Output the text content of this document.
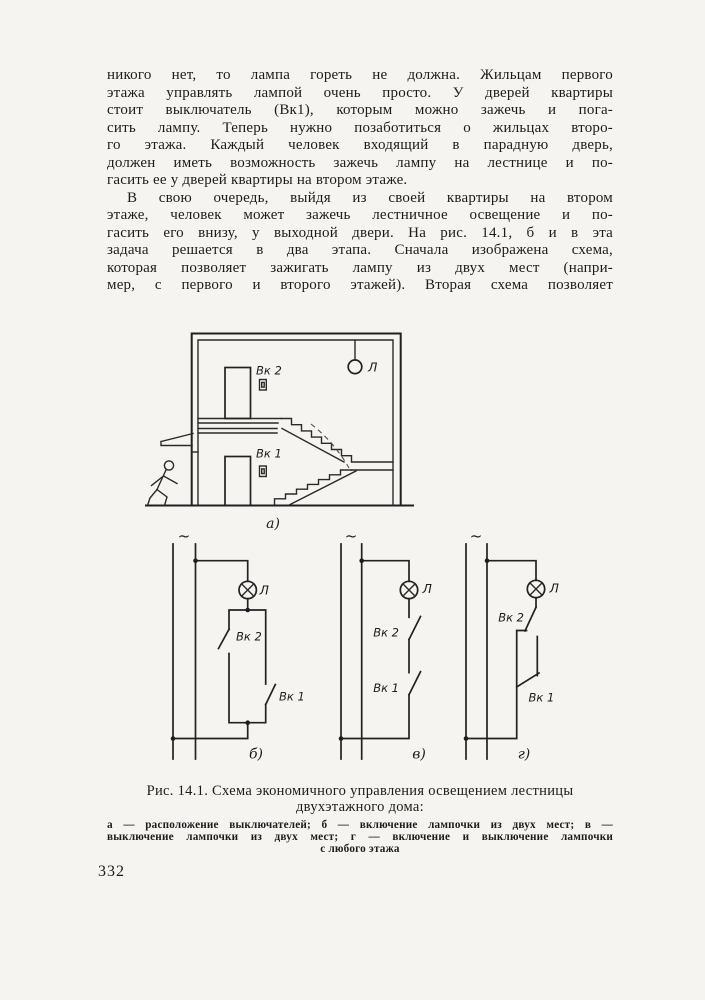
никого нет, то лампа гореть не должна. Жильцам первого
этажа управлять лампой очень просто. У дверей квартиры
стоит выключатель (Вк1), которым можно зажечь и пога-
сить лампу. Теперь нужно позаботиться о жильцах второ-
го этажа. Каждый человек входящий в парадную дверь,
должен иметь возможность зажечь лампу на лестнице и по-
гасить ее у дверей квартиры на втором этаже.
В свою очередь, выйдя из своей квартиры на втором
этаже, человек может зажечь лестничное освещение и по-
гасить его внизу, у выходной двери. На рис. 14.1, б и в эта
задача решается в два этапа. Сначала изображена схема,
которая позволяет зажигать лампу из двух мест (напри-
мер, с первого и второго этажей). Вторая схема позволяет
Вк 2
Вк 1
Л
а)
~
Л
Вк 2
Вк 1
б)
~
Л
Вк 2
Вк 1
в)
~
Л
Вк 2
Вк 1
г)
Рис. 14.1. Схема экономичного управления освещением лестницы
двухэтажного дома:
а — расположение выключателей; б — включение лампочки из двух мест; в —
выключение лампочки из двух мест; г — включение и выключение лампочки
с любого этажа
332
